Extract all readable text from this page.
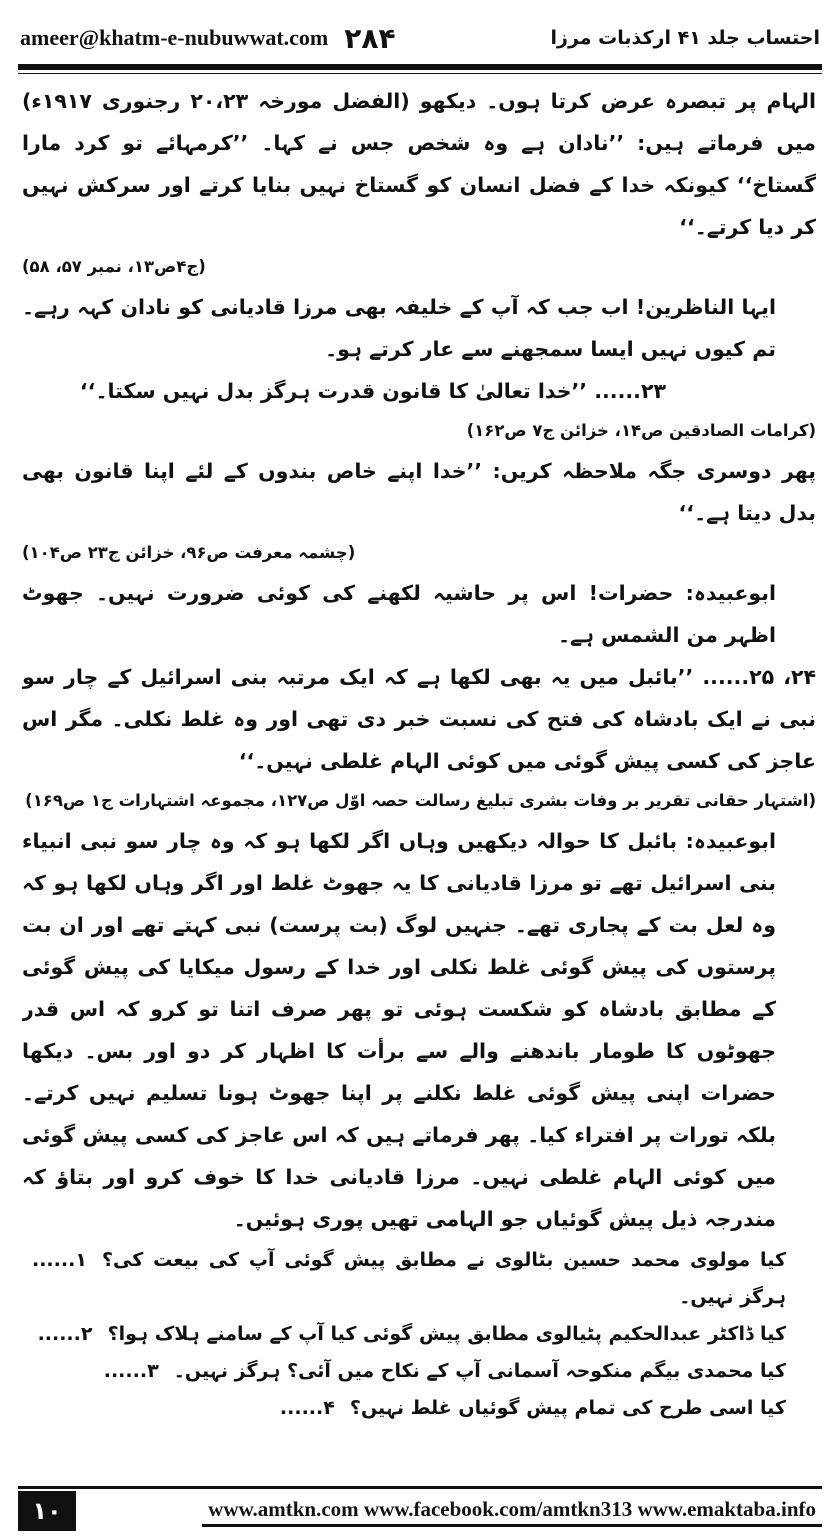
ameer@khatm-e-nubuwwat.com ۲۸۴	احتساب جلد ۴۱ ارکذبات مرزا

الہام پر تبصرہ عرض کرتا ہوں۔ دیکھو (الفضل مورخہ ۲۰،۲۳ رجنوری ۱۹۱۷ء) میں فرماتے ہیں: ’’نادان ہے وہ شخص جس نے کہا۔ ’’کرمہائے تو کرد مارا گستاخ‘‘ کیونکہ خدا کے فضل انسان کو گستاخ نہیں بنایا کرتے اور سرکش نہیں کر دیا کرتے۔‘‘

(ج۴ص۱۳، نمبر ۵۷، ۵۸)

ایہا الناظرین! اب جب کہ آپ کے خلیفہ بھی مرزا قادیانی کو نادان کہہ رہے۔ تم کیوں نہیں ایسا سمجھنے سے عار کرتے ہو۔

۲۳...... ’’خدا تعالیٰ کا قانون قدرت ہرگز بدل نہیں سکتا۔‘‘

(کرامات الصادقین ص۱۴، خزائن ج۷ ص۱۶۲)

پھر دوسری جگہ ملاحظہ کریں: ’’خدا اپنے خاص بندوں کے لئے اپنا قانون بھی بدل دیتا ہے۔‘‘

(چشمہ معرفت ص۹۶، خزائن ج۲۳ ص۱۰۴)

ابوعبیدہ: حضرات! اس پر حاشیہ لکھنے کی کوئی ضرورت نہیں۔ جھوٹ اظہر من الشمس ہے۔

۲۴، ۲۵...... ’’بائبل میں یہ بھی لکھا ہے کہ ایک مرتبہ بنی اسرائیل کے چار سو نبی نے ایک بادشاہ کی فتح کی نسبت خبر دی تھی اور وہ غلط نکلی۔ مگر اس عاجز کی کسی پیش گوئی میں کوئی الہام غلطی نہیں۔‘‘

(اشتہار حقانی تقریر بر وفات بشری تبلیغ رسالت حصہ اوّل ص۱۲۷، مجموعہ اشتہارات ج۱ ص۱۶۹)

ابوعبیدہ: بائبل کا حوالہ دیکھیں وہاں اگر لکھا ہو کہ وہ چار سو نبی انبیاء بنی اسرائیل تھے تو مرزا قادیانی کا یہ جھوٹ غلط اور اگر وہاں لکھا ہو کہ وہ لعل بت کے پجاری تھے۔ جنہیں لوگ (بت پرست) نبی کہتے تھے اور ان بت پرستوں کی پیش گوئی غلط نکلی اور خدا کے رسول میکایا کی پیش گوئی کے مطابق بادشاہ کو شکست ہوئی تو پھر صرف اتنا تو کرو کہ اس قدر جھوٹوں کا طومار باندھنے والے سے برأت کا اظہار کر دو اور بس۔ دیکھا حضرات اپنی پیش گوئی غلط نکلنے پر اپنا جھوٹ ہونا تسلیم نہیں کرتے۔ بلکہ تورات پر افتراء کیا۔ پھر فرماتے ہیں کہ اس عاجز کی کسی پیش گوئی میں کوئی الہام غلطی نہیں۔ مرزا قادیانی خدا کا خوف کرو اور بتاؤ کہ مندرجہ ذیل پیش گوئیاں جو الہامی تھیں پوری ہوئیں۔

کیا مولوی محمد حسین بٹالوی نے مطابق پیش گوئی آپ کی بیعت کی؟ ہرگز نہیں۔
۱......
کیا ڈاکٹر عبدالحکیم پٹیالوی مطابق پیش گوئی کیا آپ کے سامنے ہلاک ہوا؟
۲......
کیا محمدی بیگم منکوحہ آسمانی آپ کے نکاح میں آئی؟ ہرگز نہیں۔
۳......
کیا اسی طرح کی تمام پیش گوئیاں غلط نہیں؟
۴......
۱۰	www.amtkn.com www.facebook.com/amtkn313 www.emaktaba.info
